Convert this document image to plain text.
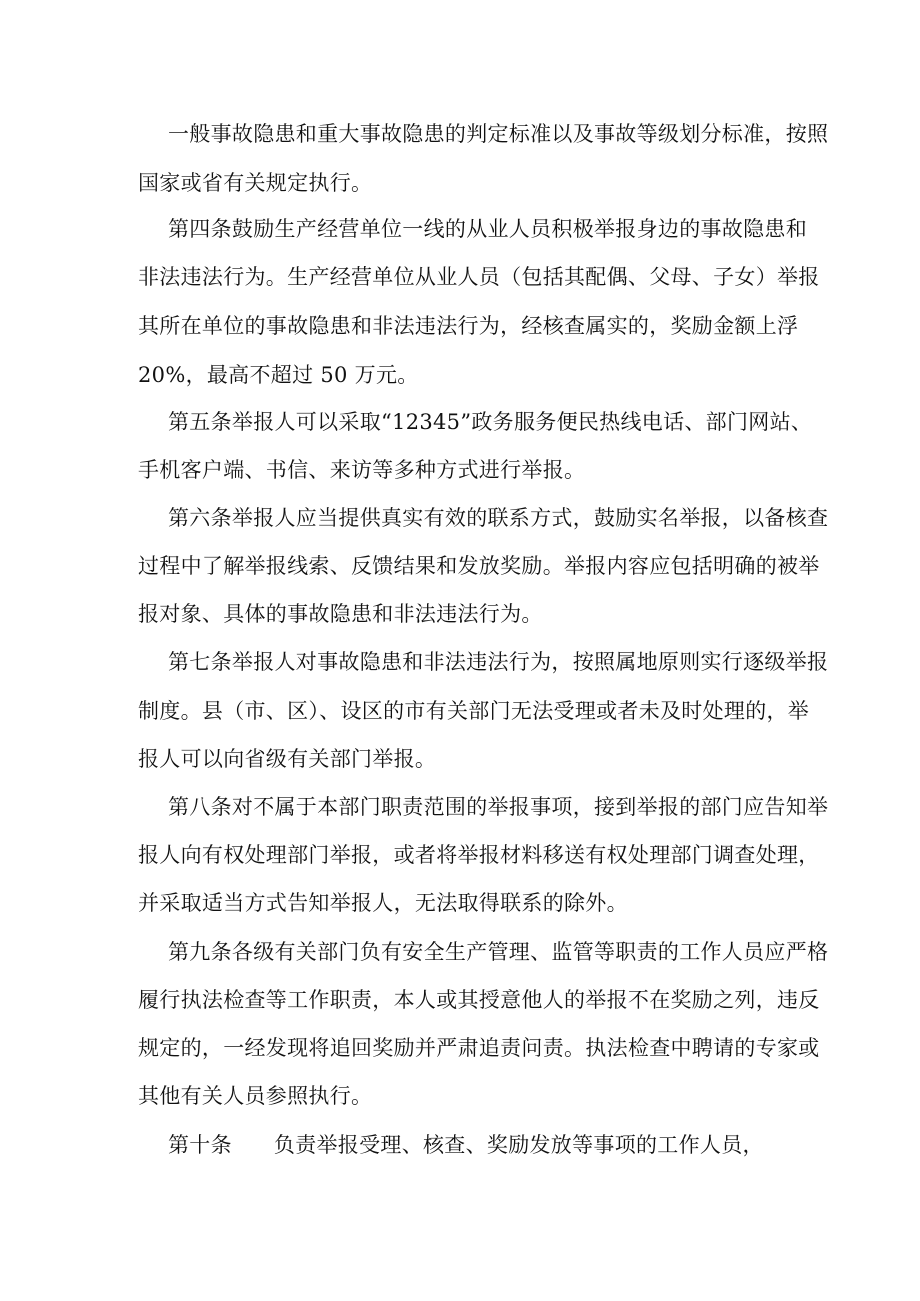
一般事故隐患和重大事故隐患的判定标准以及事故等级划分标准，按照
国家或省有关规定执行。
第四条鼓励生产经营单位一线的从业人员积极举报身边的事故隐患和
非法违法行为。生产经营单位从业人员（包括其配偶、父母、子女）举报
其所在单位的事故隐患和非法违法行为，经核查属实的，奖励金额上浮
20%，最高不超过 50 万元。
第五条举报人可以采取“12345”政务服务便民热线电话、部门网站、
手机客户端、书信、来访等多种方式进行举报。
第六条举报人应当提供真实有效的联系方式，鼓励实名举报，以备核查
过程中了解举报线索、反馈结果和发放奖励。举报内容应包括明确的被举
报对象、具体的事故隐患和非法违法行为。
第七条举报人对事故隐患和非法违法行为，按照属地原则实行逐级举报
制度。县（市、区）、设区的市有关部门无法受理或者未及时处理的，举
报人可以向省级有关部门举报。
第八条对不属于本部门职责范围的举报事项，接到举报的部门应告知举
报人向有权处理部门举报，或者将举报材料移送有权处理部门调查处理，
并采取适当方式告知举报人，无法取得联系的除外。
第九条各级有关部门负有安全生产管理、监管等职责的工作人员应严格
履行执法检查等工作职责，本人或其授意他人的举报不在奖励之列，违反
规定的，一经发现将追回奖励并严肃追责问责。执法检查中聘请的专家或
其他有关人员参照执行。
第十条 负责举报受理、核查、奖励发放等事项的工作人员，
